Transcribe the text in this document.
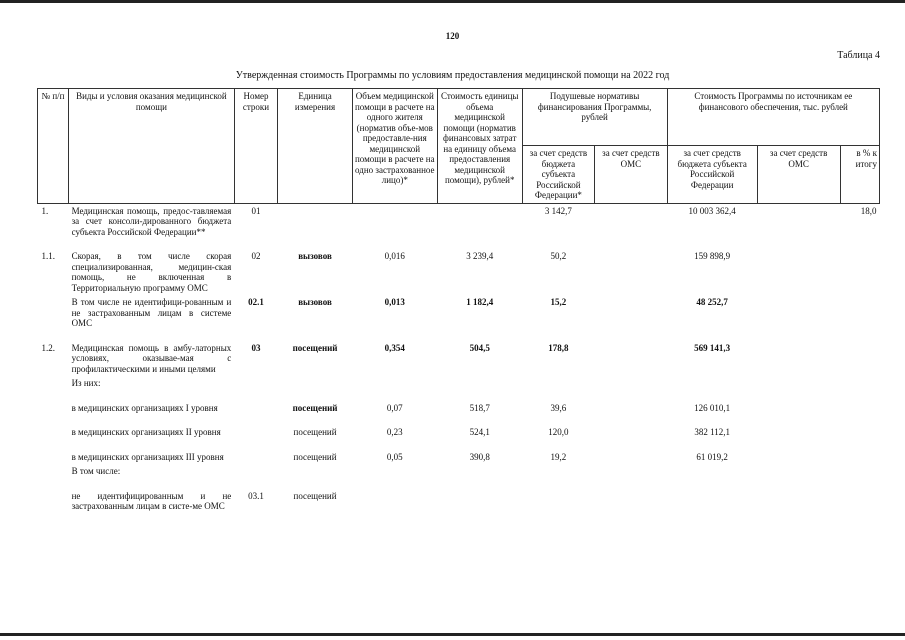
120
Таблица 4
Утвержденная стоимость Программы по условиям предоставления медицинской помощи на 2022 год
№ п/п	Виды и условия оказания медицинской помощи	Номер строки	Единица измерения	Объем медицинской помощи в расчете на одного жителя (норматив объе-мов предоставле-ния медицинской помощи в расчете на одно застрахованное лицо)*	Стоимость единицы объема медицинской помощи (норматив финансовых затрат на единицу объема предоставления медицинской помощи), рублей*	Подушевые нормативы финансирования Программы, рублей		Стоимость Программы по источникам ее финансового обеспечения, тыс. рублей		
						за счет средств бюджета субъекта Российской Федерации*	за счет средств ОМС	за счет средств бюджета субъекта Российской Федерации	за счет средств ОМС	в % к итогу
1.	Медицинская помощь, предос-тавляемая за счет консоли-дированного бюджета субъекта Российской Федерации**	01				3 142,7		10 003 362,4		18,0
1.1.	Скорая, в том числе скорая специализированная, медицин-ская помощь, не включенная в Территориальную программу ОМС	02	вызовов	0,016	3 239,4	50,2		159 898,9		
	В том числе не идентифици-рованным и не застрахованным лицам в системе ОМС	02.1	вызовов	0,013	1 182,4	15,2		48 252,7		
1.2.	Медицинская помощь в амбу-латорных условиях, оказывае-мая с профилактическими и иными целями	03	посещений	0,354	504,5	178,8		569 141,3		
	Из них:									
	в медицинских организациях I уровня		посещений	0,07	518,7	39,6		126 010,1		
	в медицинских организациях II уровня		посещений	0,23	524,1	120,0		382 112,1		
	в медицинских организациях III уровня		посещений	0,05	390,8	19,2		61 019,2		
	В том числе:									
	не идентифицированным и не застрахованным лицам в систе-ме ОМС	03.1	посещений							
